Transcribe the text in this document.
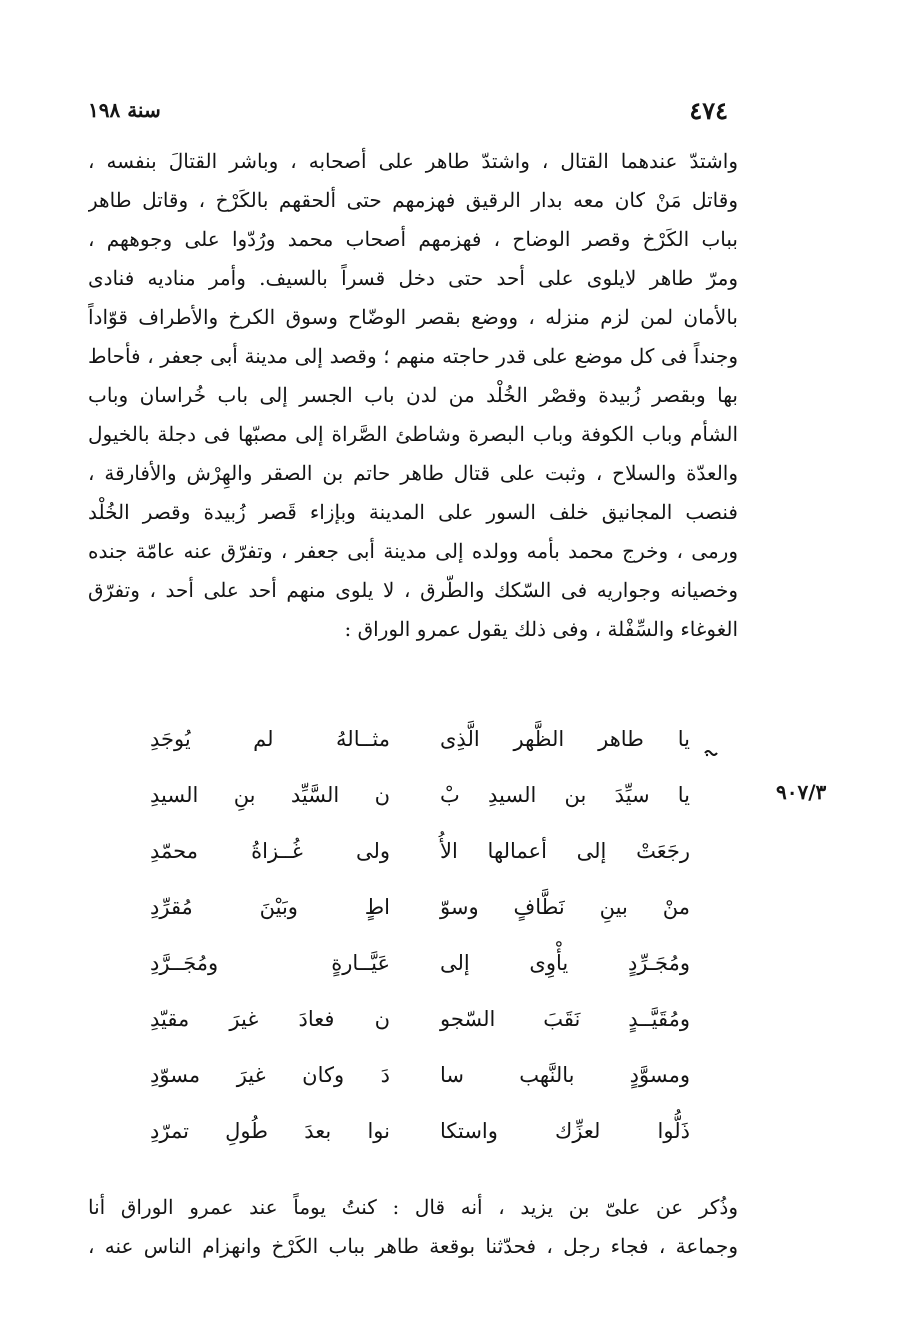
٤٧٤
سنة ١٩٨
واشتدّ عندهما القتال ، واشتدّ طاهر على أصحابه ، وباشر القتالَ بنفسه ،
وقاتل مَنْ كان معه بدار الرقيق فهزمهم حتى ألحقهم بالكَرْخ ، وقاتل طاهر
بباب الكَرْخ وقصر الوضاح ، فهزمهم أصحاب محمد ورُدّوا على وجوههم ،
ومرّ طاهر لايلوى على أحد حتى دخل قسراً بالسيف. وأمر مناديه فنادى
بالأمان لمن لزم منزله ، ووضع بقصر الوضّاح وسوق الكرخ والأطراف قوّاداً
وجنداً فى كل موضع على قدر حاجته منهم ؛ وقصد إلى مدينة أبى جعفر ، فأحاط
بها وبقصر زُبيدة وقصْر الخُلْد من لدن باب الجسر إلى باب خُراسان وباب
الشأم وباب الكوفة وباب البصرة وشاطئ الصَّراة إلى مصبّها فى دجلة بالخيول
والعدّة والسلاح ، وثبت على قتال طاهر حاتم بن الصقر والهِرْش والأفارقة ،
فنصب المجانيق خلف السور على المدينة وبإزاء قَصر زُبيدة وقصر الخُلْد
ورمى ، وخرج محمد بأمه وولده إلى مدينة أبى جعفر ، وتفرّق عنه عامّة جنده
وخصيانه وجواريه فى السّكك والطّرق ، لا يلوى منهم أحد على أحد ، وتفرّق
الغوغاء والسِّفْلة ، وفى ذلك يقول عمرو الوراق :
يا طاهر الظَّهر الَّذِى
مثــالهُ لم يُوجَدِ
يا سيِّدَ بن السيدِ بْ
ن السَّيِّد بنِ السيدِ
رجَعَتْ إلى أعمالها الأُ
ولى غُــزاةُ محمّدِ
منْ بينِ نَطَّافٍ وسوّ
اطٍ وبَيْنَ مُقرِّدِ
ومُجَـرِّدٍ يأْوِى إلى
عَيَّــارةٍ ومُجَــرَّدِ
ومُقَيَّــدٍ نَقَبَ السّجو
ن فعادَ غيرَ مقيّدِ
ومسوَّدٍ بالنَّهب سا
دَ وكان غيرَ مسوّدِ
ذَلُّوا لعزِّك واستكا
نوا بعدَ طُولِ تمرّدِ
٩٠٧/٣
وذُكر عن علىّ بن يزيد ، أنه قال : كنتُ يوماً عند عمرو الوراق أنا
وجماعة ، فجاء رجل ، فحدّثنا بوقعة طاهر بباب الكَرْخ وانهزام الناس عنه ،
